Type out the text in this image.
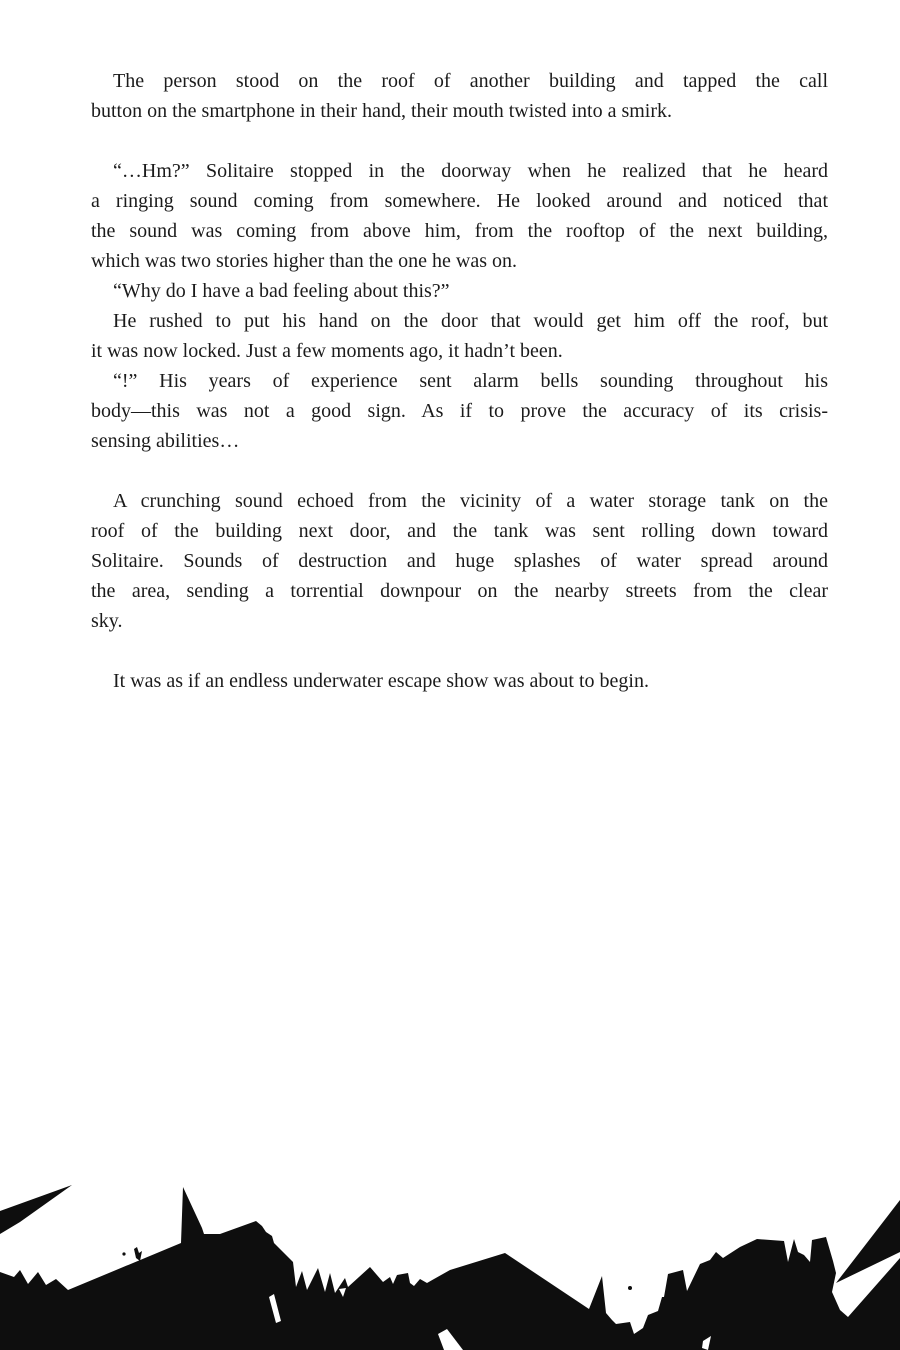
The person stood on the roof of another building and tapped the call
button on the smartphone in their hand, their mouth twisted into a smirk.
“…Hm?” Solitaire stopped in the doorway when he realized that he heard
a ringing sound coming from somewhere. He looked around and noticed that
the sound was coming from above him, from the rooftop of the next building,
which was two stories higher than the one he was on.
“Why do I have a bad feeling about this?”
He rushed to put his hand on the door that would get him off the roof, but
it was now locked. Just a few moments ago, it hadn’t been.
“!” His years of experience sent alarm bells sounding throughout his
body—this was not a good sign. As if to prove the accuracy of its crisis-
sensing abilities…
A crunching sound echoed from the vicinity of a water storage tank on the
roof of the building next door, and the tank was sent rolling down toward
Solitaire. Sounds of destruction and huge splashes of water spread around
the area, sending a torrential downpour on the nearby streets from the clear
sky.
It was as if an endless underwater escape show was about to begin.
